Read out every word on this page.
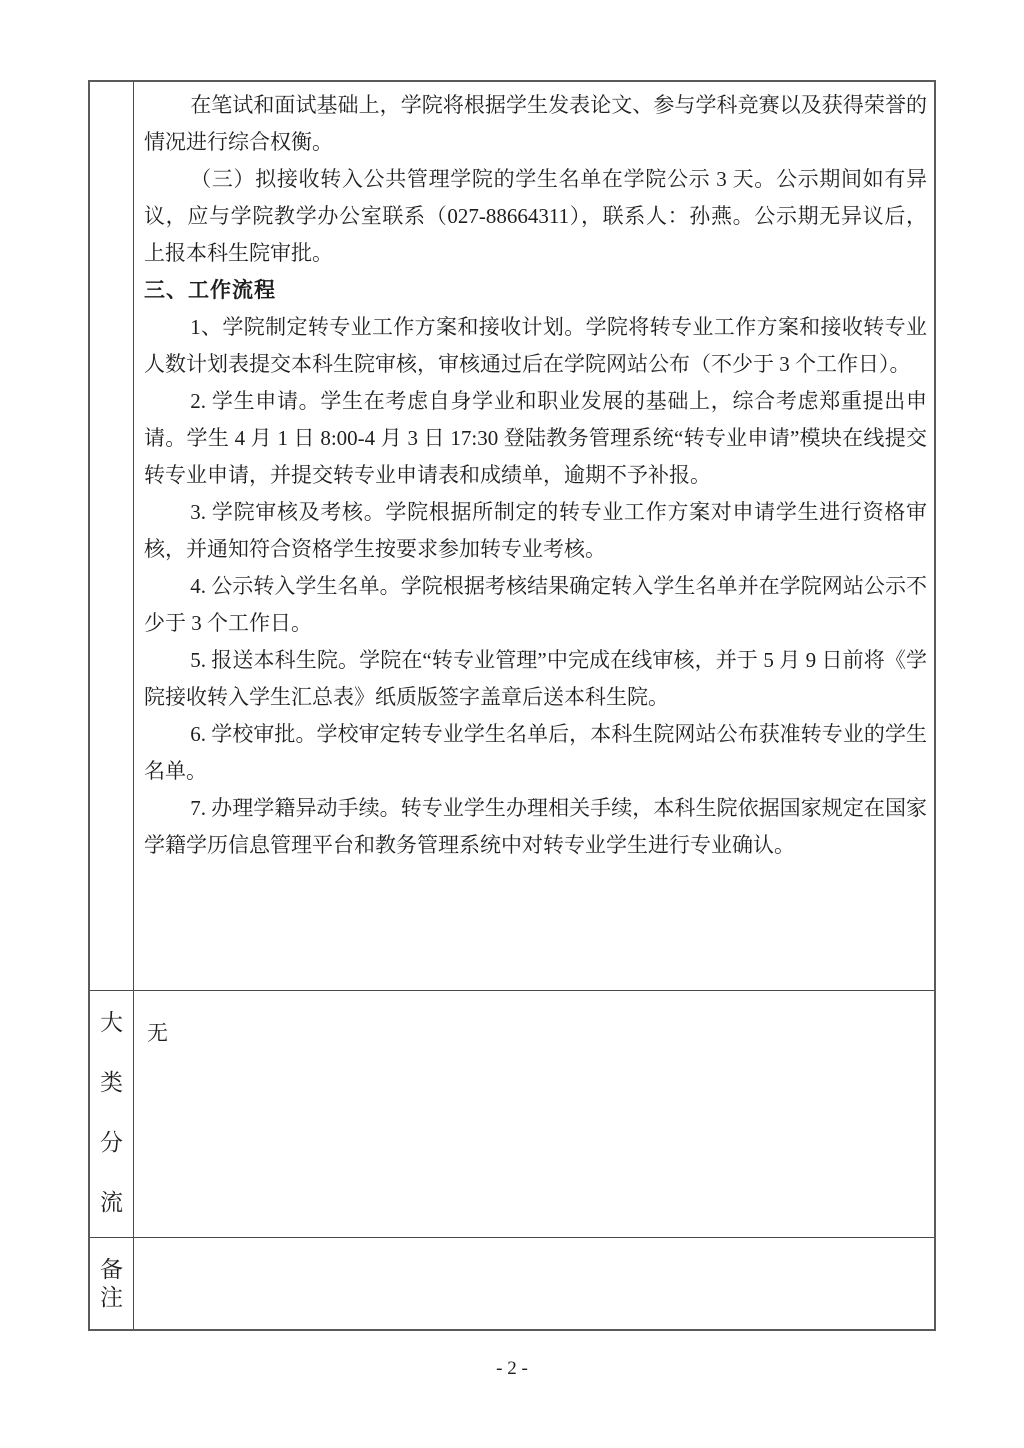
在笔试和面试基础上，学院将根据学生发表论文、参与学科竞赛以及获得荣誉的情况进行综合权衡。

（三）拟接收转入公共管理学院的学生名单在学院公示 3 天。公示期间如有异议，应与学院教学办公室联系（027-88664311），联系人：孙燕。公示期无异议后，上报本科生院审批。

三、工作流程

1、学院制定转专业工作方案和接收计划。学院将转专业工作方案和接收转专业人数计划表提交本科生院审核，审核通过后在学院网站公布（不少于 3 个工作日）。

2. 学生申请。学生在考虑自身学业和职业发展的基础上，综合考虑郑重提出申请。学生 4 月 1 日 8:00-4 月 3 日 17:30 登陆教务管理系统“转专业申请”模块在线提交转专业申请，并提交转专业申请表和成绩单，逾期不予补报。

3. 学院审核及考核。学院根据所制定的转专业工作方案对申请学生进行资格审核，并通知符合资格学生按要求参加转专业考核。

4. 公示转入学生名单。学院根据考核结果确定转入学生名单并在学院网站公示不少于 3 个工作日。

5. 报送本科生院。学院在“转专业管理”中完成在线审核，并于 5 月 9 日前将《学院接收转入学生汇总表》纸质版签字盖章后送本科生院。

6. 学校审批。学校审定转专业学生名单后，本科生院网站公布获准转专业的学生名单。

7. 办理学籍异动手续。转专业学生办理相关手续，本科生院依据国家规定在国家学籍学历信息管理平台和教务管理系统中对转专业学生进行专业确认。

大类分流
无
备注
- 2 -
